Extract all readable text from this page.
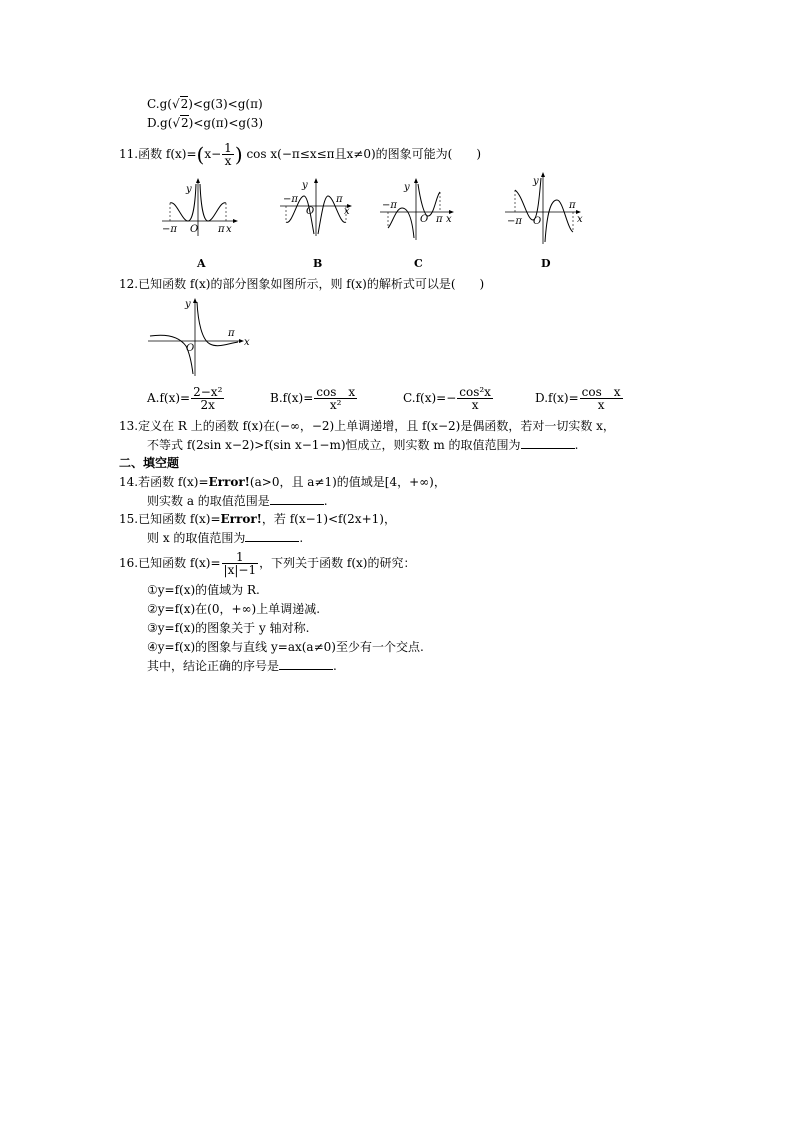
C.g(√2)<g(3)<g(π)
D.g(√2)<g(π)<g(3)
11.函数 $f(x)=(x- \frac{1}{x}$ ) cos x(−π≤x≤π且x≠0)的图象可能为(　　)
y
O
−π	π x
A
y
−π
O
π
x
B
y
−π
O π x
C
y
−π O
π
x
D
12.已知函数 f(x)的部分图象如图所示，则 f(x)的解析式可以是(　　)
y
O
π
x
$A.f(x)= \frac{\text{2−x²}}{2x}$	$B.f(x)= \frac{\text{cos　x}}{\text{x²}}$	$C.f(x)=- \frac{\text{cos²x}}{x}$	$D.f(x)= \frac{\text{cos　x}}{x}$
13.定义在 R 上的函数 f(x)在(−∞，−2)上单调递增，且 f(x−2)是偶函数，若对一切实数 x，
不等式 f(2sin x−2)>f(sin x−1−m)恒成立，则实数 m 的取值范围为	.
二、填空题
14.若函数 f(x)=Error!(a>0，且 a≠1)的值域是[4，+∞)，
则实数 a 的取值范围是	.
15.已知函数 f(x)=Error!，若 f(x−1)<f(2x+1)，
则 x 的取值范围为	.
16.已知函数 $f(x)= \frac{1}{|x|-1}$ ，下列关于函数 f(x)的研究：
①y=f(x)的值域为 R.
②y=f(x)在(0，+∞)上单调递减.
③y=f(x)的图象关于 y 轴对称.
④y=f(x)的图象与直线 y=ax(a≠0)至少有一个交点.
其中，结论正确的序号是	.
